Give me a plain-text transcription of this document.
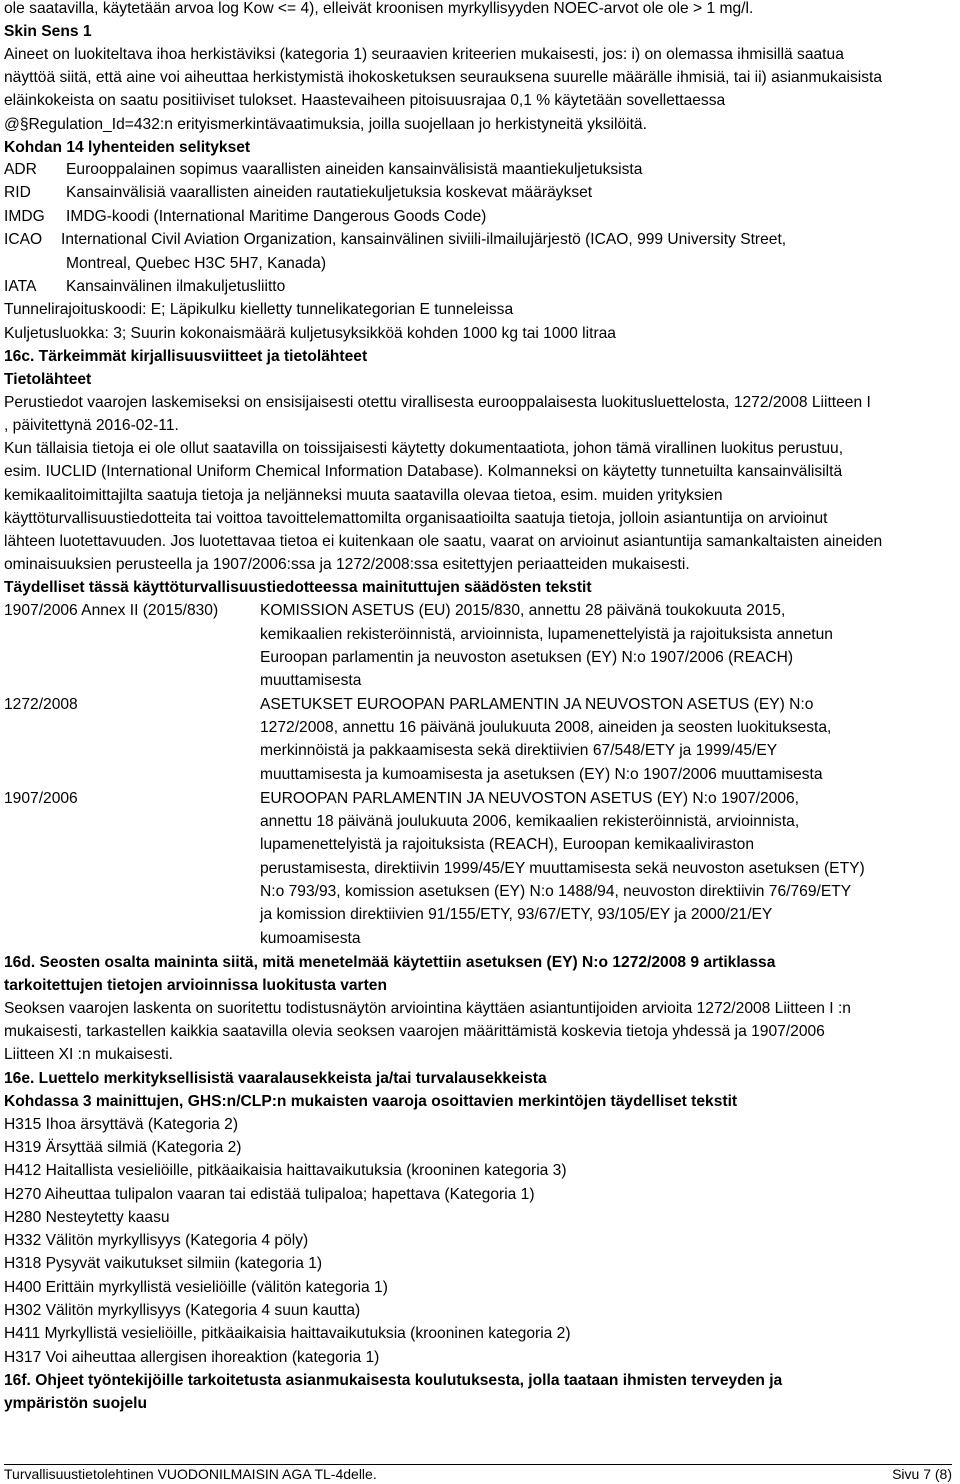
ole saatavilla, käytetään arvoa log Kow <= 4), elleivät kroonisen myrkyllisyyden NOEC-arvot ole ole > 1 mg/l.
Skin Sens 1
Aineet on luokiteltava ihoa herkistäviksi (kategoria 1) seuraavien kriteerien mukaisesti, jos: i) on olemassa ihmisillä saatua
näyttöä siitä, että aine voi aiheuttaa herkistymistä ihokosketuksen seurauksena suurelle määrälle ihmisiä, tai ii) asianmukaisista
eläinkokeista on saatu positiiviset tulokset. Haastevaiheen pitoisuusrajaa 0,1 % käytetään sovellettaessa
@§Regulation_Id=432:n erityismerkintävaatimuksia, joilla suojellaan jo herkistyneitä yksilöitä.
Kohdan 14 lyhenteiden selitykset
ADR Eurooppalainen sopimus vaarallisten aineiden kansainvälisistä maantiekuljetuksista
RID Kansainvälisiä vaarallisten aineiden rautatiekuljetuksia koskevat määräykset
IMDG IMDG-koodi (International Maritime Dangerous Goods Code)
ICAO International Civil Aviation Organization, kansainvälinen siviili-ilmailujärjestö (ICAO, 999 University Street,
Montreal, Quebec H3C 5H7, Kanada)
IATA Kansainvälinen ilmakuljetusliitto
Tunnelirajoituskoodi: E; Läpikulku kielletty tunnelikategorian E tunneleissa
Kuljetusluokka: 3; Suurin kokonaismäärä kuljetusyksikköä kohden 1000 kg tai 1000 litraa
16c. Tärkeimmät kirjallisuusviitteet ja tietolähteet
Tietolähteet
Perustiedot vaarojen laskemiseksi on ensisijaisesti otettu virallisesta eurooppalaisesta luokitusluettelosta, 1272/2008 Liitteen I
, päivitettynä 2016-02-11.
Kun tällaisia tietoja ei ole ollut saatavilla on toissijaisesti käytetty dokumentaatiota, johon tämä virallinen luokitus perustuu,
esim. IUCLID (International Uniform Chemical Information Database). Kolmanneksi on käytetty tunnetuilta kansainvälisiltä
kemikaalitoimittajilta saatuja tietoja ja neljänneksi muuta saatavilla olevaa tietoa, esim. muiden yrityksien
käyttöturvallisuustiedotteita tai voittoa tavoittelemattomilta organisaatioilta saatuja tietoja, jolloin asiantuntija on arvioinut
lähteen luotettavuuden. Jos luotettavaa tietoa ei kuitenkaan ole saatu, vaarat on arvioinut asiantuntija samankaltaisten aineiden
ominaisuuksien perusteella ja 1907/2006:ssa ja 1272/2008:ssa esitettyjen periaatteiden mukaisesti.
Täydelliset tässä käyttöturvallisuustiedotteessa mainituttujen säädösten tekstit
1907/2006 Annex II (2015/830)	KOMISSION ASETUS (EU) 2015/830, annettu 28 päivänä toukokuuta 2015,
kemikaalien rekisteröinnistä, arvioinnista, lupamenettelyistä ja rajoituksista annetun
Euroopan parlamentin ja neuvoston asetuksen (EY) N:o 1907/2006 (REACH)
muuttamisesta
1272/2008	ASETUKSET EUROOPAN PARLAMENTIN JA NEUVOSTON ASETUS (EY) N:o
1272/2008, annettu 16 päivänä joulukuuta 2008, aineiden ja seosten luokituksesta,
merkinnöistä ja pakkaamisesta sekä direktiivien 67/548/ETY ja 1999/45/EY
muuttamisesta ja kumoamisesta ja asetuksen (EY) N:o 1907/2006 muuttamisesta
1907/2006	EUROOPAN PARLAMENTIN JA NEUVOSTON ASETUS (EY) N:o 1907/2006,
annettu 18 päivänä joulukuuta 2006, kemikaalien rekisteröinnistä, arvioinnista,
lupamenettelyistä ja rajoituksista (REACH), Euroopan kemikaaliviraston
perustamisesta, direktiivin 1999/45/EY muuttamisesta sekä neuvoston asetuksen (ETY)
N:o 793/93, komission asetuksen (EY) N:o 1488/94, neuvoston direktiivin 76/769/ETY
ja komission direktiivien 91/155/ETY, 93/67/ETY, 93/105/EY ja 2000/21/EY
kumoamisesta
16d. Seosten osalta maininta siitä, mitä menetelmää käytettiin asetuksen (EY) N:o 1272/2008 9 artiklassa
tarkoitettujen tietojen arvioinnissa luokitusta varten
Seoksen vaarojen laskenta on suoritettu todistusnäytön arviointina käyttäen asiantuntijoiden arvioita 1272/2008 Liitteen I :n
mukaisesti, tarkastellen kaikkia saatavilla olevia seoksen vaarojen määrittämistä koskevia tietoja yhdessä ja 1907/2006
Liitteen XI :n mukaisesti.
16e. Luettelo merkityksellisistä vaaralausekkeista ja/tai turvalausekkeista
Kohdassa 3 mainittujen, GHS:n/CLP:n mukaisten vaaroja osoittavien merkintöjen täydelliset tekstit
H315 Ihoa ärsyttävä (Kategoria 2)
H319 Ärsyttää silmiä (Kategoria 2)
H412 Haitallista vesieliöille, pitkäaikaisia haittavaikutuksia (krooninen kategoria 3)
H270 Aiheuttaa tulipalon vaaran tai edistää tulipaloa; hapettava (Kategoria 1)
H280 Nesteytetty kaasu
H332 Välitön myrkyllisyys (Kategoria 4 pöly)
H318 Pysyvät vaikutukset silmiin (kategoria 1)
H400 Erittäin myrkyllistä vesieliöille (välitön kategoria 1)
H302 Välitön myrkyllisyys (Kategoria 4 suun kautta)
H411 Myrkyllistä vesieliöille, pitkäaikaisia haittavaikutuksia (krooninen kategoria 2)
H317 Voi aiheuttaa allergisen ihoreaktion (kategoria 1)
16f. Ohjeet työntekijöille tarkoitetusta asianmukaisesta koulutuksesta, jolla taataan ihmisten terveyden ja
ympäristön suojelu
Turvallisuustietolehtinen VUODONILMAISIN AGA TL-4delle.	Sivu 7 (8)
